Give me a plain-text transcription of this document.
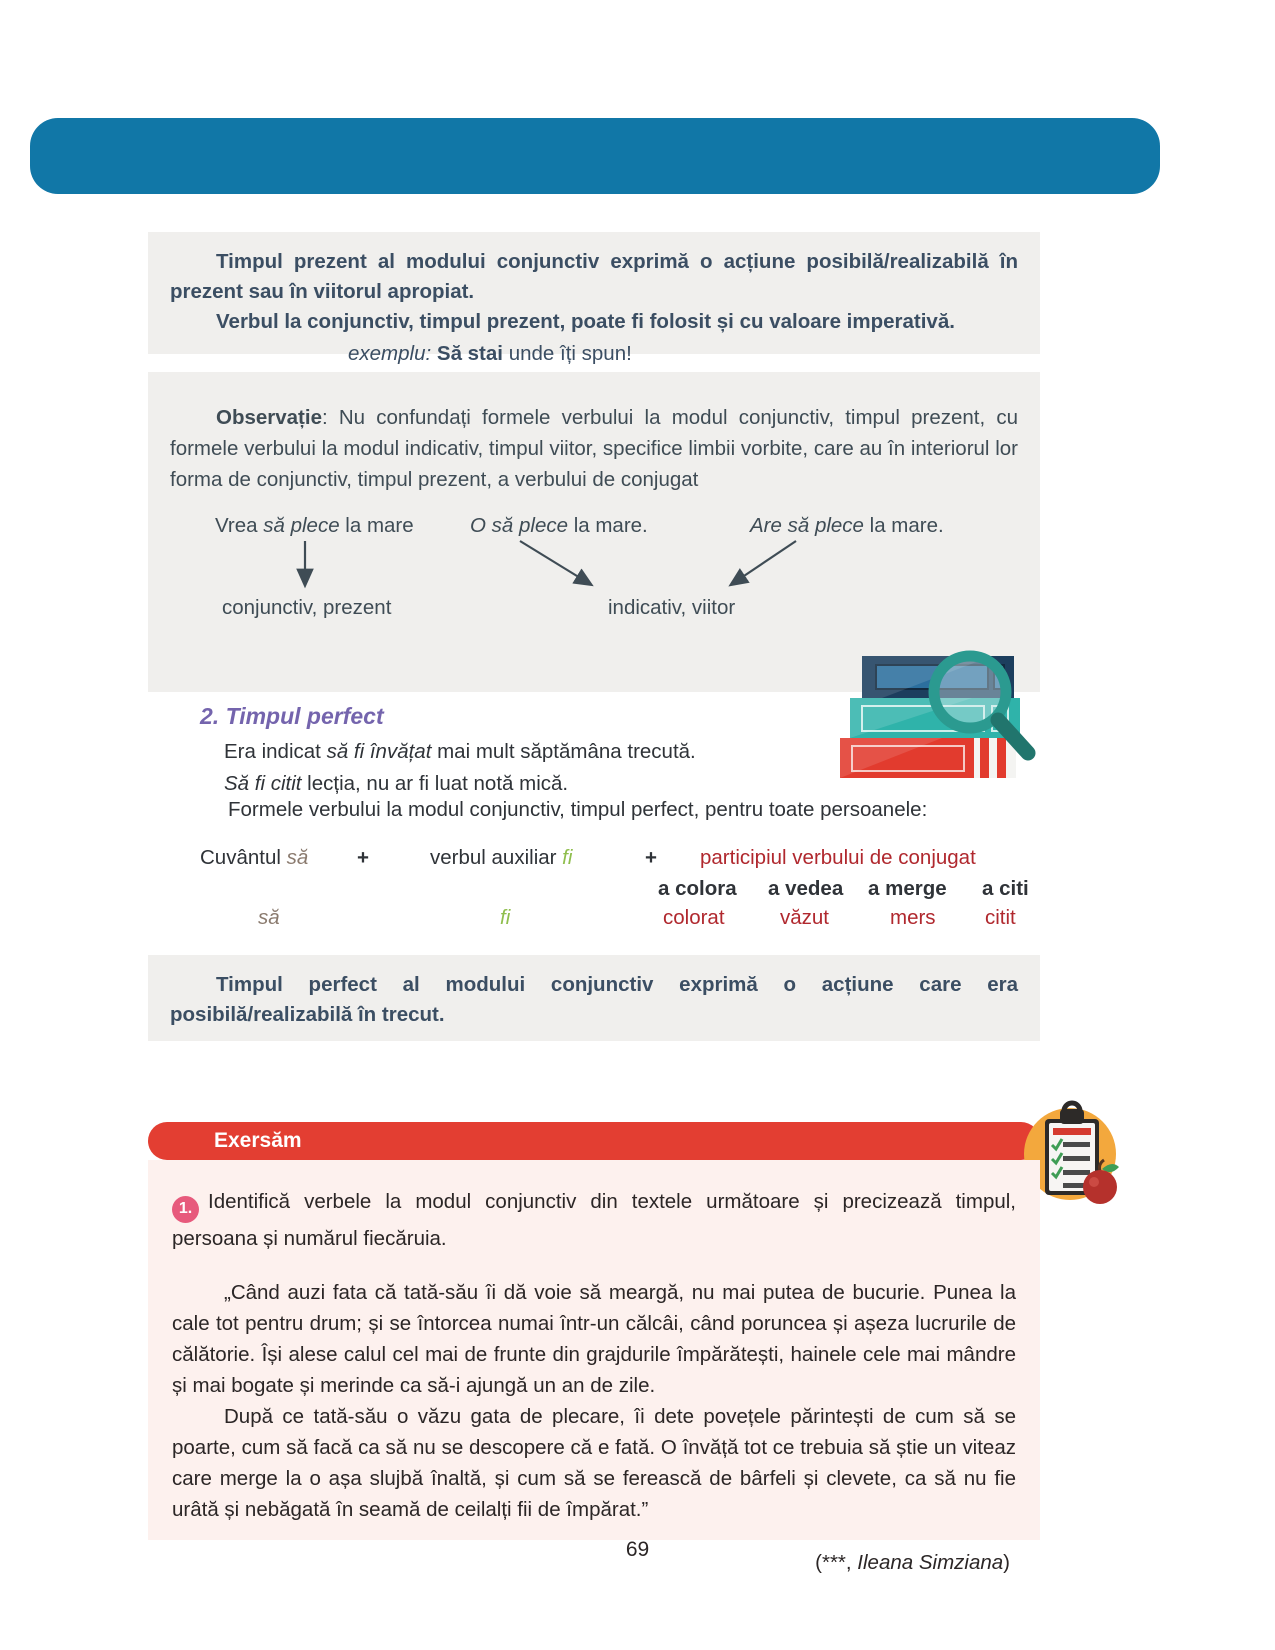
Timpul prezent al modului conjunctiv exprimă o acțiune posibilă/realizabilă în prezent sau în viitorul apropiat.

Verbul la conjunctiv, timpul prezent, poate fi folosit și cu valoare imperativă.

exemplu: Să stai unde îți spun!

Observație: Nu confundați formele verbului la modul conjunctiv, timpul prezent, cu formele verbului la modul indicativ, timpul viitor, specifice limbii vorbite, care au în interiorul lor forma de conjunctiv, timpul prezent, a verbului de conjugat

Vrea să plece la mare	O să plece la mare.	Are să plece la mare.
conjunctiv, prezent	indicativ, viitor
2. Timpul perfect
Era indicat să fi învățat mai mult săptămâna trecută.
Să fi citit lecția, nu ar fi luat notă mică.
Formele verbului la modul conjunctiv, timpul perfect, pentru toate persoanele:
Cuvântul să +	verbul auxiliar fi	+ participiul verbului de conjugat
a colora a vedea a merge a citi
să	fi	colorat	văzut	mers citit

Timpul perfect al modului conjunctiv exprimă o acțiune care era posibilă/realizabilă în trecut.

Exersăm

1. Identifică verbele la modul conjunctiv din textele următoare și precizează timpul, persoana și numărul fiecăruia.

„Când auzi fata că tată-său îi dă voie să meargă, nu mai putea de bucurie. Punea la cale tot pentru drum; și se întorcea numai într-un călcâi, când poruncea și așeza lucrurile de călătorie. Își alese calul cel mai de frunte din grajdurile împărătești, hainele cele mai mândre și mai bogate și merinde ca să-i ajungă un an de zile.

După ce tată-său o văzu gata de plecare, îi dete povețele părintești de cum să se poarte, cum să facă ca să nu se descopere că e fată. O învăță tot ce trebuia să știe un viteaz care merge la o așa slujbă înaltă, și cum să se ferească de bârfeli și clevete, ca să nu fie urâtă și nebăgată în seamă de ceilalți fii de împărat.”

(***, Ileana Simziana)

69
